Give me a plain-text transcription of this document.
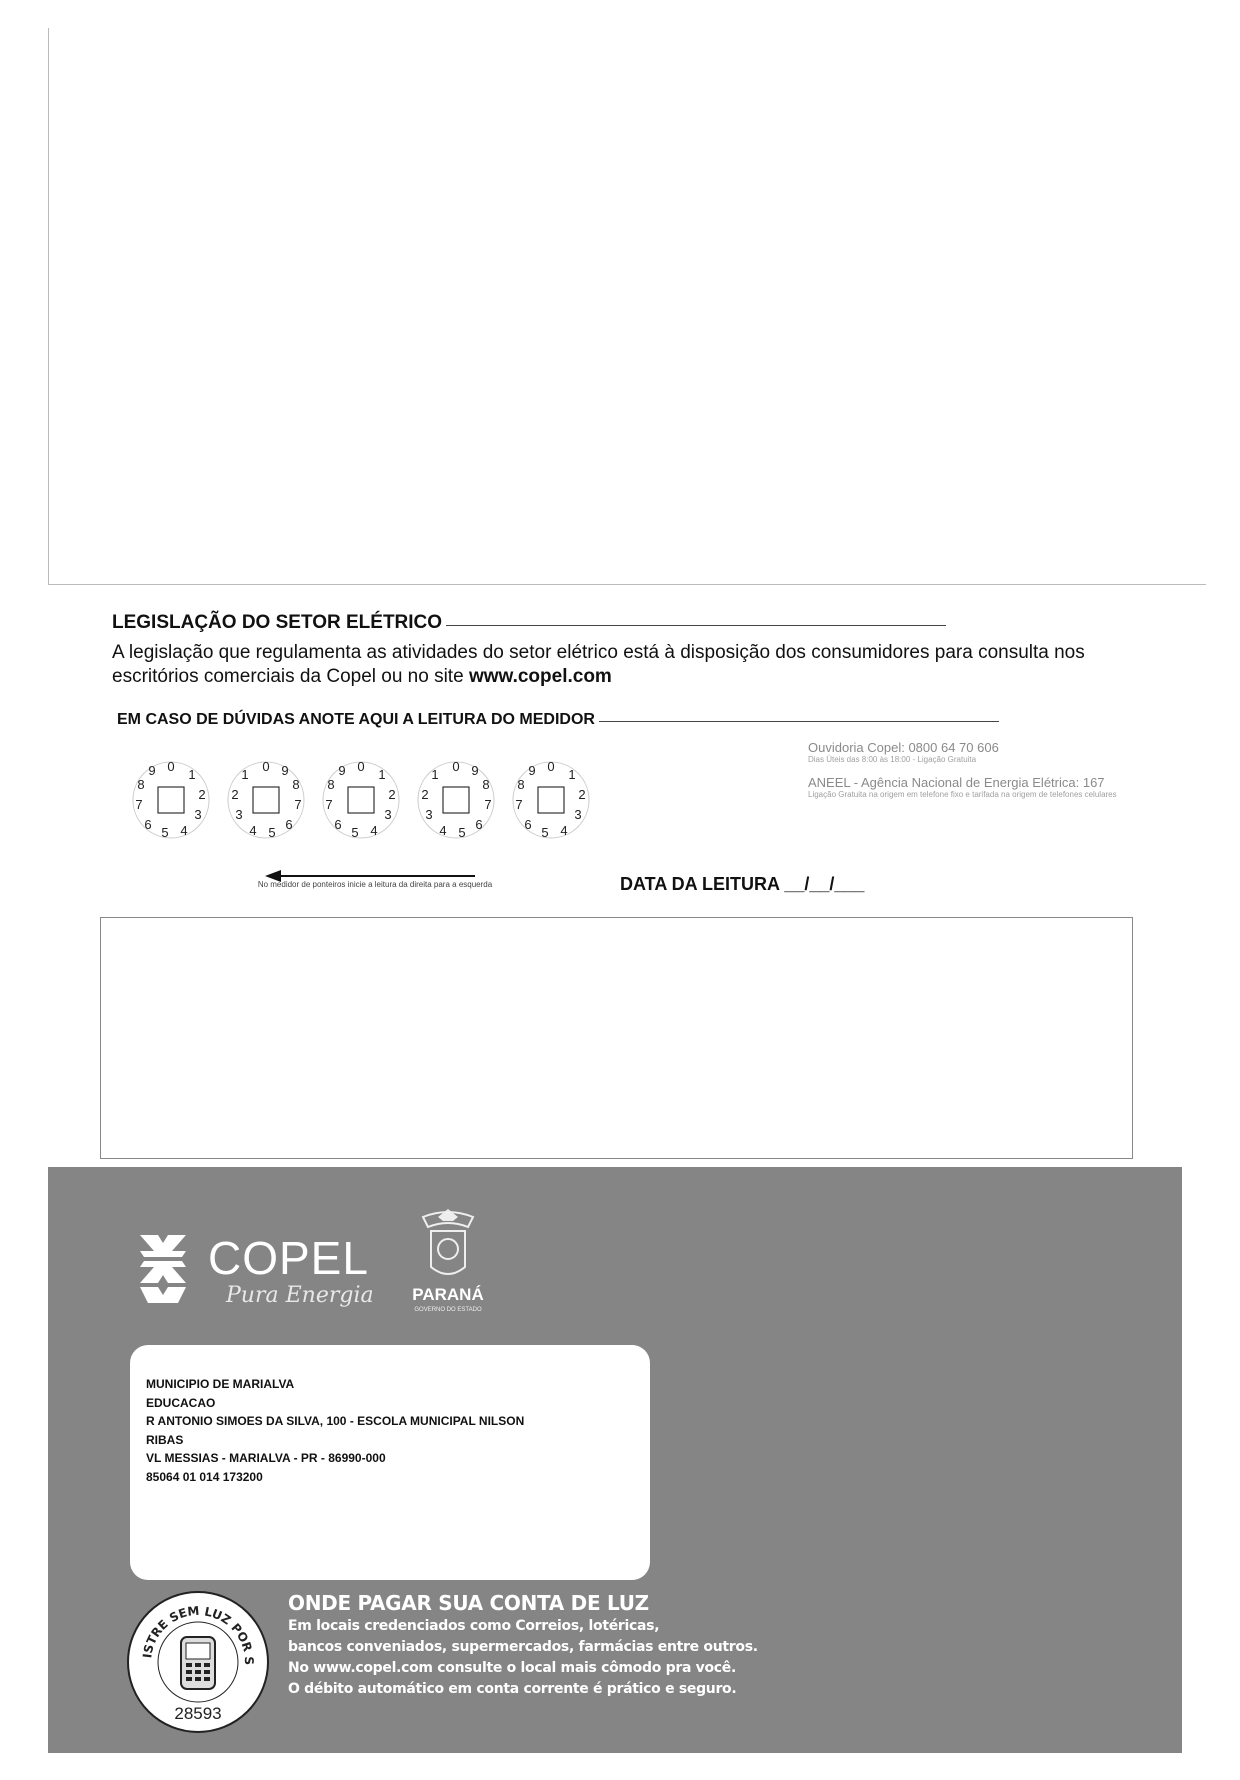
LEGISLAÇÃO DO SETOR ELÉTRICO
A legislação que regulamenta as atividades do setor elétrico está à disposição dos consumidores para consulta nos escritórios comerciais da Copel ou no site www.copel.com
EM CASO DE DÚVIDAS ANOTE AQUI A LEITURA DO MEDIDOR
0
1
2
3
4
5
6
7
8
9	0
1
2
3
4 5
6
7
8
9	0
1
2
3
4
5
6
7
8
9	0
1
2
3
4 5
6
7
8
9	0
1
2
3
4
5
6
7
8
9
No medidor de ponteiros inicie a leitura da direita para a esquerda	DATA DA LEITURA __/__/___
Ouvidoria Copel: 0800 64 70 606
Dias Úteis das 8:00 às 18:00 - Ligação Gratuita
ANEEL - Agência Nacional de Energia Elétrica: 167
Ligação Gratuita na origem em telefone fixo e tarifada na origem de telefones celulares
COPEL
Pura Energia	PARANÁ
GOVERNO DO ESTADO
MUNICIPIO DE MARIALVA
EDUCACAO
R ANTONIO SIMOES DA SILVA, 100 - ESCOLA MUNICIPAL NILSON
RIBAS
VL MESSIAS - MARIALVA - PR - 86990-000
85064 01 014 173200
ISTRE SEM LUZ POR S
28593
ONDE PAGAR SUA CONTA DE LUZ
Em locais credenciados como Correios, lotéricas,
bancos conveniados, supermercados, farmácias entre outros.
No www.copel.com consulte o local mais cômodo pra você.
O débito automático em conta corrente é prático e seguro.
